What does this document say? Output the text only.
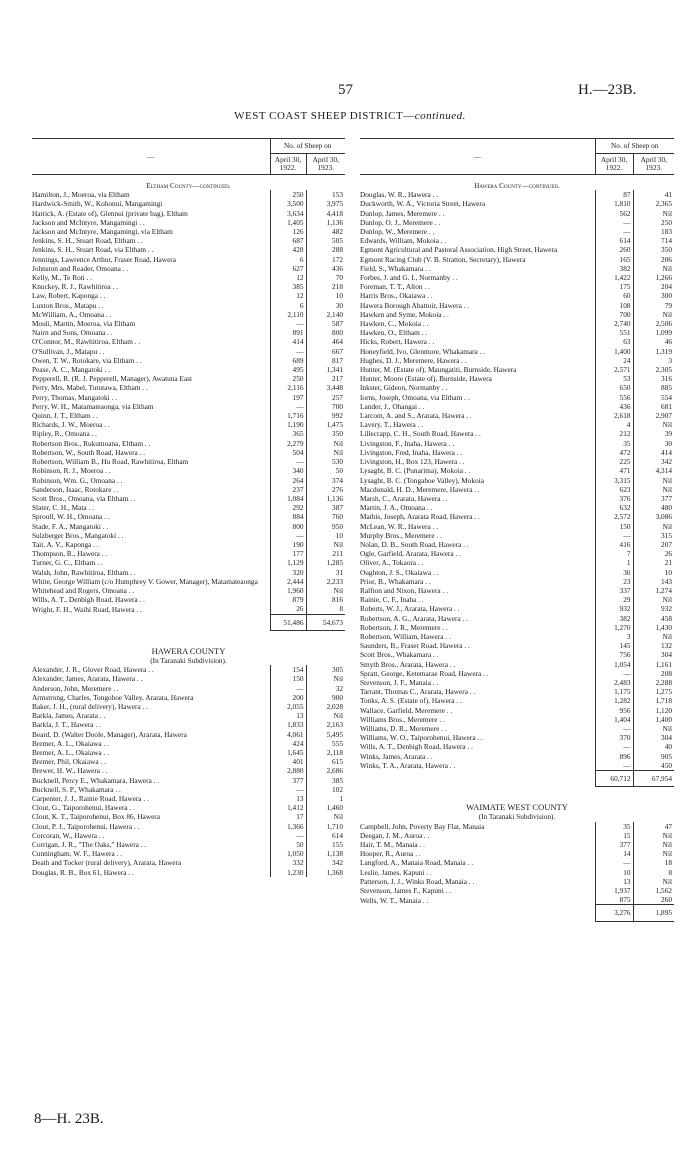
57	H.—23B.
WEST COAST SHEEP DISTRICT—continued.
—	No. of Sheep on	
	April 30, 1922.	April 30, 1923.
Eltham County—continued.		
Hamilton, J., Moeroa, via Eltham	250	153
Hardwick-Smith, W., Kohonui, Mangamingi	3,500	3,975
Hatrick, A. (Estate of), Glennui (private bag), Eltham	3,634	4,418
Jackson and McIntyre, Mangamingi . .	1,405	1,136
Jackson and McIntyre, Mangamingi, via Eltham	126	482
Jenkins, S. H., Stuart Road, Eltham . .	687	505
Jenkins, S. H., Stuart Road, via Eltham . .	428	288
Jennings, Lawrence Arthur, Fraser Road, Hawera	6	172
Johnston and Reader, Omoana . .	627	436
Kelly, M., Te Roti . .	12	70
Knuckey, R. J., Rawhitiroa . .	385	218
Law, Robert, Kaponga . .	12	10
Luxton Bros., Matapu . .	6	30
McWilliam, A., Omoana . .	2,110	2,140
Mouli, Martin, Moeroa, via Eltham	—	587
Nairn and Sons, Omoana . .	891	800
O'Connor, M., Rawhitiroa, Eltham . .	414	464
O'Sullivan, J., Matapu . .	—	667
Owen, T. W., Rotokare, via Eltham . .	689	817
Pease, A. C., Mangatoki . .	495	1,341
Pepperell, R. (R. J. Pepperell, Manager), Awatuna East	250	217
Perry, Mrs. Mabel, Tututawa, Eltham . .	2,116	3,448
Perry, Thomas, Mangatoki . .	197	257
Perry, W. H., Matamateaonga, via Eltham	—	700
Quinn, J. T., Eltham . .	1,716	992
Richards, J. W., Moeroa . .	1,190	1,475
Ripley, R., Omoana . .	365	350
Robertson Bros., Rukumoana, Eltham . .	2,279	Nil
Robertson, W., South Road, Hawera . .	504	Nil
Robertson, William B., Hu Road, Rawhitiroa, Eltham	—	530
Robinson, R. J., Moeroa . .	340	50
Robinson, Wm. G., Omoana . .	264	374
Sanderson, Isaac, Rotokare . .	237	276
Scott Bros., Omoana, via Eltham . .	1,084	1,136
Slater, C. H., Mata . .	292	387
Sproull, W. H., Omoana . .	884	760
Stade, F. A., Mangatoki . .	800	950
Sulzberger Bros., Mangatoki . .	—	10
Tait, A. V., Kaponga . .	190	Nil
Thompson, R., Hawera . .	177	211
Turner, G. C., Eltham . .	1,129	1,285
Walsh, John, Rawhitiroa, Eltham . .	320	31
White, George William (c/o Humphrey V. Gower, Manager), Matamateaonga	2,444	2,233
Whitehead and Rogers, Omoana . .	1,960	Nil
Wills, A. T., Denbigh Road, Hawera . .	879	816
Wright, F. H., Waihi Road, Hawera . .	26	8
	51,486	54,673

HAWERA COUNTY		
(In Taranaki Subdivision).		
Alexander, J. R., Glover Road, Hawera . .	154	305
Alexander, James, Ararata, Hawera . .	150	Nil
Anderson, John, Meremere . .	—	32
Armstrong, Charles, Tongohoe Valley, Ararata, Hawera	200	900
Baker, J. H., (rural delivery), Hawera . .	2,055	2,028
Barkla, James, Ararata . .	13	Nil
Barkla, J. T., Hawera . .	1,833	2,163
Beard, D. (Walter Doole, Manager), Ararata, Hawera	4,061	5,495
Bremer, A. L., Okaiawa . .	424	555
Bremer, A. L., Okaiawa . .	1,645	2,118
Bremer, Phil, Okaiawa . .	401	615
Brewer, H. W., Hawera . .	2,880	2,686
Bucknell, Percy E., Whakamara, Hawera . .	377	385
Bucknell, S. P., Whakamara . .	—	102
Carpenter, J. J., Rainie Road, Hawera . .	13	1
Clout, G., Taiporohenui, Hawera . .	1,412	1,460
Clout, K. T., Taiporohenui, Box 86, Hawera	17	Nil
Clout, P. J., Taiporohenui, Hawera . .	1,366	1,710
Corcoran, W., Hawera . .	—	614
Corrigan, J. R., "The Oaks," Hawera . .	50	155
Cunningham, W. F., Hawera . .	1,050	1,138
Death and Tocker (rural delivery), Ararata, Hawera	332	342
Douglas, R. B., Box 61, Hawera . .	1,230	1,368
—	No. of Sheep on	
	April 30, 1922.	April 30, 1923.
Hawera County—continued.		
Douglas, W. R., Hawera . .	87	41
Duckworth, W. A., Victoria Street, Hawera	1,810	2,365
Dunlop, James, Meremere . .	562	Nil
Dunlop, O. J., Meremere . .	—	250
Dunlop, W., Meremere . .	—	183
Edwards, William, Mokoia . .	614	714
Egmont Agricultural and Pastoral Association, High Street, Hawera	260	350
Egmont Racing Club (V. B. Stratton, Secretary), Hawera	165	206
Field, S., Whakamara . .	382	Nil
Forbes, J. and G. I., Normanby . .	1,422	1,266
Foreman, T. T., Alton . .	175	204
Harris Bros., Okaiawa . .	60	300
Hawera Borough Abattoir, Hawera . .	108	79
Hawken and Syme, Mokoia . .	700	Nil
Hawken, C., Mokoia . .	2,740	2,506
Hawken, O., Eltham . .	551	1,099
Hicks, Robert, Hawera . .	63	46
Honeyfield, Ivo, Glenmore, Whakamara . .	1,400	1,319
Hughes, D. J., Meremere, Hawera . .	24	3
Hunter, M. (Estate of), Maungatiti, Burnside, Hawera	2,571	2,305
Hunter, Moore (Estate of), Burnside, Hawera	53	316
Inkster, Gideon, Normanby . .	650	885
Iorns, Joseph, Omoana, via Eltham . .	556	554
Lander, J., Ohangai . .	436	681
Larcom, A. and S., Ararata, Hawera . .	2,618	2,907
Lavery, T., Hawera . .	4	Nil
Lillecrapp, C. H., South Road, Hawera . .	212	39
Livingston, F., Inaha, Hawera . .	35	30
Livingston, Fred, Inaha, Hawera . .	472	414
Livingston, H., Box 123, Hawera . .	225	342
Lysaght, B. C. (Punarima), Mokoia . .	471	4,314
Lysaght, B. C. (Tongahoe Valley), Mokoia	3,315	Nil
Macdonald, H. D., Meremere, Hawera . .	623	Nil
Marsh, C., Ararata, Hawera . .	376	377
Martin, J. A., Omoana . .	632	480
Mathis, Joseph, Ararata Road, Hawera . .	2,572	3,086
McLean, W. R., Hawera . .	150	Nil
Murphy Bros., Meremere . .	—	315
Nolan, D. B., South Road, Hawera . .	416	207
Ogle, Garfield, Ararata, Hawera . .	7	26
Oliver, A., Tokaora . .	1	21
Oughton, J. S., Okaiawa . .	30	10
Prior, B., Whakamara . .	23	143
Ralfton and Nixon, Hawera . .	337	1,274
Rainie, C. F., Inaha . .	29	Nil
Roberts, W. J., Ararata, Hawera . .	932	932
Robertson, A. G., Ararata, Hawera . .	382	458
Robertson, J. R., Meremere . .	1,270	1,430
Robertson, William, Hawera . .	3	Nil
Saunders, B., Fraser Road, Hawera . .	145	132
Scott Bros., Whakamara . .	756	304
Smyth Bros., Ararata, Hawera . .	1,054	1,161
Spratt, George, Ketemarae Road, Hawera . .	—	208
Stevenson, J. F., Manaia . .	2,483	2,288
Tarrant, Thomas C., Ararata, Hawera . .	1,175	1,275
Tonks, A. S. (Estate of), Hawera . .	1,282	1,718
Wallace, Garfield, Meremere . .	956	1,120
Williams Bros., Meremere . .	1,404	1,400
Williams, D. R., Meremere . .	—	Nil
Williams, W. O., Taiporohenui, Hawera . .	370	304
Wills, A. T., Denbigh Road, Hawera . .	—	40
Winks, James, Ararata . .	896	905
Winks, T. A., Ararata, Hawera . .	—	450
	60,712	67,954

WAIMATE WEST COUNTY		
(In Taranaki Subdivision).		
Campbell, John, Poverty Bay Flat, Manaia	35	47
Deegan, J. M., Auroa . .	15	Nil
Hair, T. M., Manaia . .	377	Nil
Hooper, R., Auroa . .	14	Nil
Langford, A., Manaia Road, Manaia . .	—	18
Leslie, James, Kapuni . .	10	8
Patterson, J. J., Winks Road, Manaia . .	13	Nil
Stevenson, James F., Kapuni . .	1,937	1,562
Wells, W. T., Manaia . .	875	260
	3,276	1,895
8—H. 23B.
